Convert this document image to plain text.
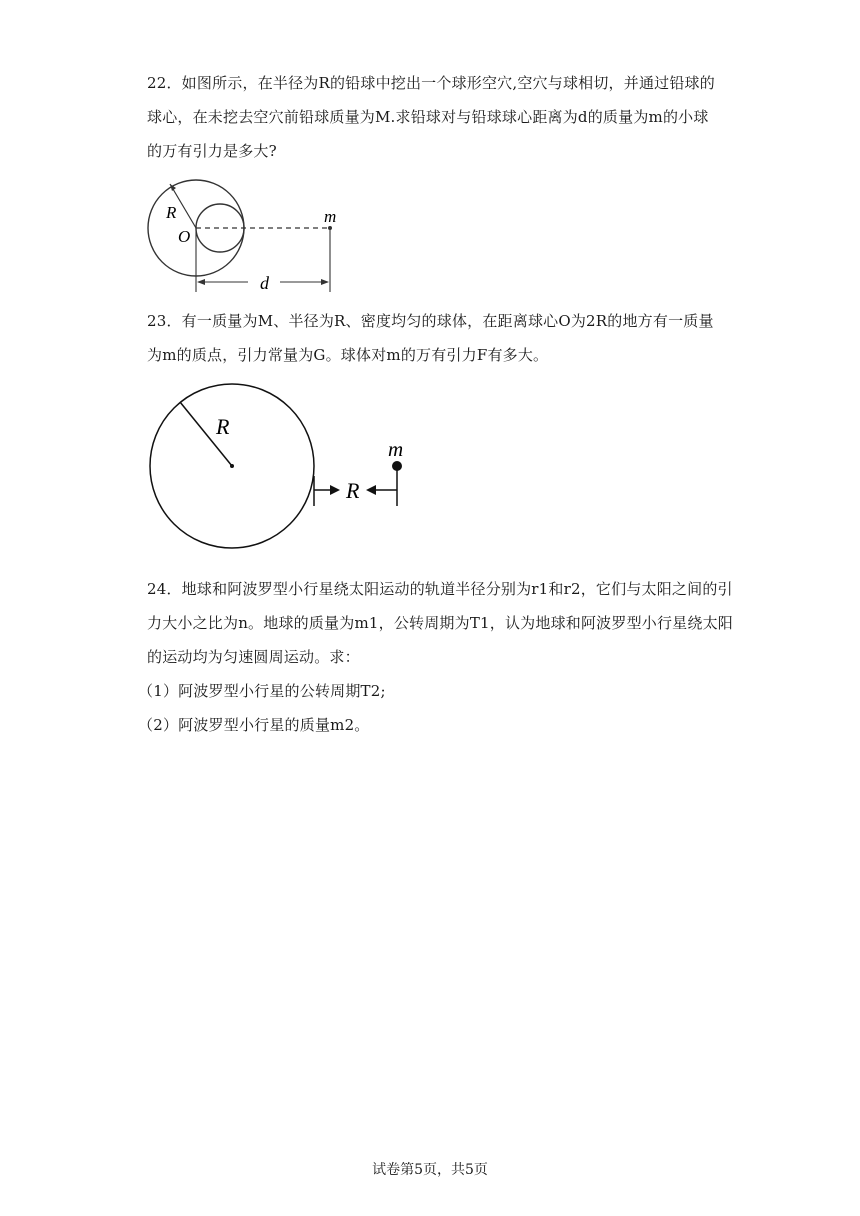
22．如图所示，在半径为R的铅球中挖出一个球形空穴,空穴与球相切，并通过铅球的
球心，在未挖去空穴前铅球质量为M.求铅球对与铅球球心距离为d的质量为m的小球
的万有引力是多大?
R
O
m
d
23．有一质量为M、半径为R、密度均匀的球体，在距离球心O为2R的地方有一质量
为m的质点，引力常量为G。球体对m的万有引力F有多大。
R
R
m
24．地球和阿波罗型小行星绕太阳运动的轨道半径分别为r1和r2，它们与太阳之间的引
力大小之比为n。地球的质量为m1，公转周期为T1，认为地球和阿波罗型小行星绕太阳
的运动均为匀速圆周运动。求：
（1）阿波罗型小行星的公转周期T2;
（2）阿波罗型小行星的质量m2。
试卷第5页，共5页
